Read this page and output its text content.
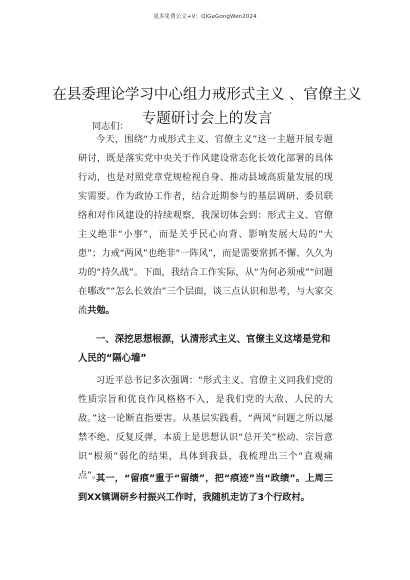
更多免费公文+V：QiGeGongWen2024
在县委理论学习中心组力戒形式主义 、官僚主义专题研讨会上的发言
同志们：
今天，围绕“力戒形式主义、官僚主义”这一主题开展专题研讨，既是落实党中央关于作风建设常态化长效化部署的具体行动，也是对照党章党规检视自身、推动县域高质量发展的现实需要。作为政协工作者，结合近期参与的基层调研、委员联络和对作风建设的持续观察，我深切体会到：形式主义、官僚主义绝非“小事”，而是关乎民心向背、影响发展大局的“大患”；力戒“两风”也绝非“一阵风”，而是需要常抓不懈、久久为功的“持久战”。下面，我结合工作实际，从“为何必须戒”“问题在哪改”“怎么长效治”三个层面，谈三点认识和思考，与大家交流共勉。
一、深挖思想根源，认清形式主义、官僚主义这堵是党和人民的“隔心墙”
习近平总书记多次强调：“形式主义、官僚主义同我们党的性质宗旨和优良作风格格不入，是我们党的大敌、人民的大敌。”这一论断直指要害。从基层实践看，“两风”问题之所以屡禁不绝、反复反弹，本质上是思想认识“总开关”松动、宗旨意识“根须”弱化的结果，具体到我县，我梳理出三个“直观痛点”。
其一，“留痕”重于“留绩”，把“痕迹”当“政绩”。上周三到XX镇调研乡村振兴工作时，我随机走访了3个行政村。
